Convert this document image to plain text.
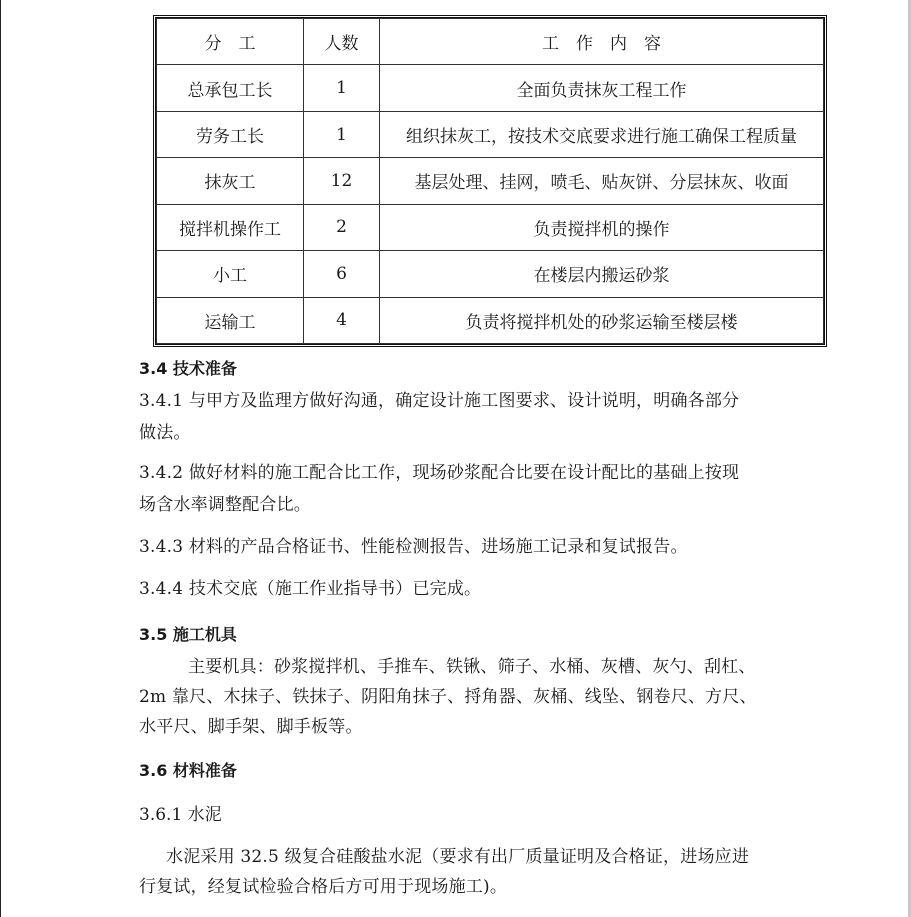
分　工	人数	工　作　内　容
总承包工长	1	全面负责抹灰工程工作
劳务工长	1	组织抹灰工，按技术交底要求进行施工确保工程质量
抹灰工	12	基层处理、挂网，喷毛、贴灰饼、分层抹灰、收面
搅拌机操作工	2	负责搅拌机的操作
小工	6	在楼层内搬运砂浆
运输工	4	负责将搅拌机处的砂浆运输至楼层楼
3.4 技术准备
3.4.1 与甲方及监理方做好沟通，确定设计施工图要求、设计说明，明确各部分
做法。
3.4.2 做好材料的施工配合比工作，现场砂浆配合比要在设计配比的基础上按现
场含水率调整配合比。
3.4.3 材料的产品合格证书、性能检测报告、进场施工记录和复试报告。
3.4.4 技术交底（施工作业指导书）已完成。
3.5 施工机具
主要机具：砂浆搅拌机、手推车、铁锹、筛子、水桶、灰槽、灰勺、刮杠、
2m 靠尺、木抹子、铁抹子、阴阳角抹子、捋角器、灰桶、线坠、钢卷尺、方尺、
水平尺、脚手架、脚手板等。
3.6 材料准备
3.6.1 水泥
水泥采用 32.5 级复合硅酸盐水泥（要求有出厂质量证明及合格证，进场应进
行复试，经复试检验合格后方可用于现场施工)。
